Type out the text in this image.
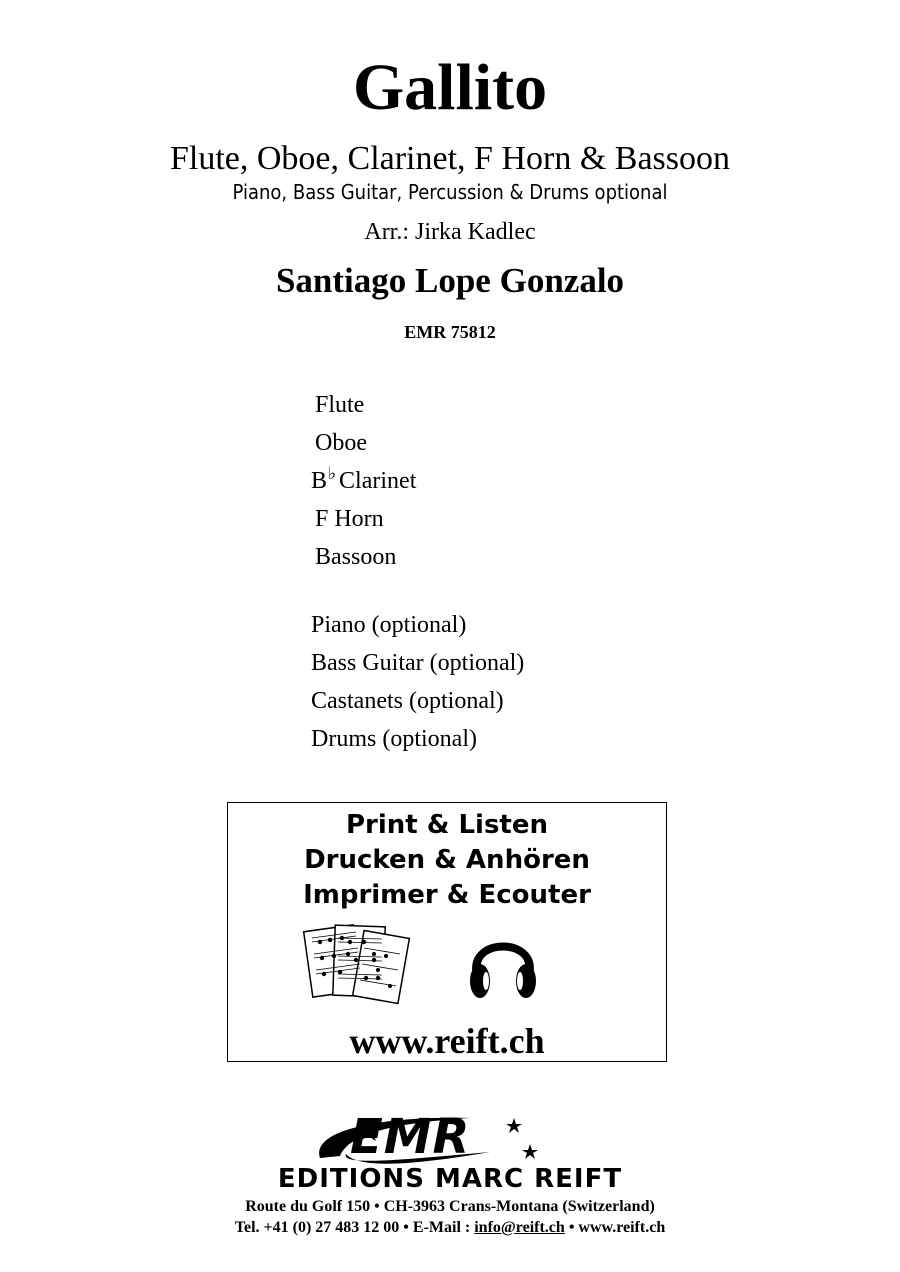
Gallito
Flute, Oboe, Clarinet, F Horn & Bassoon
Piano, Bass Guitar, Percussion & Drums optional
Arr.: Jirka Kadlec
Santiago Lope Gonzalo
EMR 75812
Flute
Oboe
B♭ Clarinet
F Horn
Bassoon
Piano (optional)
Bass Guitar (optional)
Castanets (optional)
Drums (optional)
Print & Listen
Drucken & Anhören
Imprimer & Ecouter
www.reift.ch
EMR
EDITIONS MARC REIFT
Route du Golf 150 • CH-3963 Crans-Montana (Switzerland)
Tel. +41 (0) 27 483 12 00 • E-Mail : info@reift.ch • www.reift.ch
